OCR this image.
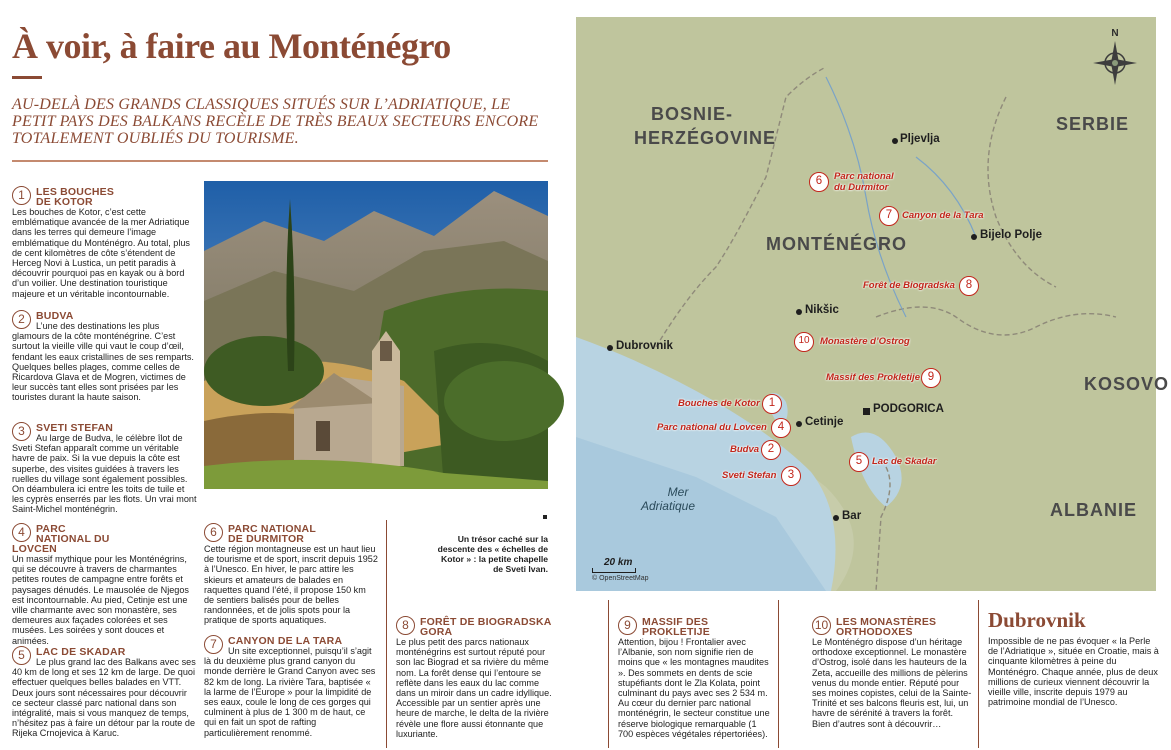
À voir, à faire au Monténégro

AU-DELÀ DES GRANDS CLASSIQUES SITUÉS SUR L’ADRIATIQUE, LE PETIT PAYS DES BALKANS RECÈLE DE TRÈS BEAUX SECTEURS ENCORE TOTALEMENT OUBLIÉS DU TOURISME.

1	LES BOUCHES DE KOTOR
Les bouches de Kotor, c’est cette emblématique avancée de la mer Adriatique dans les terres qui demeure l’image emblématique du Monténégro. Au total, plus de cent kilomètres de côte s’étendent de Herceg Novi à Lustica, un petit paradis à découvrir pourquoi pas en kayak ou à bord d’un voilier. Une destination touristique majeure et un véritable incontournable.
2	BUDVA
L’une des destinations les plus glamours de la côte monténégrine. C’est surtout la vieille ville qui vaut le coup d’œil, fendant les eaux cristallines de ses remparts. Quelques belles plages, comme celles de Ricardova Glava et de Mogren, victimes de leur succès tant elles sont prisées par les touristes durant la haute saison.
3	SVETI STEFAN
Au large de Budva, le célèbre îlot de Sveti Stefan apparaît comme un véritable havre de paix. Si la vue depuis la côte est superbe, des visites guidées à travers les ruelles du village sont également possibles. On déambulera ici entre les toits de tuile et les cyprès enserrés par les flots. Un vrai mont Saint-Michel monténégrin.
4	PARC NATIONAL DU LOVCEN
Un massif mythique pour les Monténégrins, qui se découvre à travers de charmantes petites routes de campagne entre forêts et paysages dénudés. Le mausolée de Njegos est incontournable. Au pied, Cetinje est une ville charmante avec son monastère, ses demeures aux façades colorées et ses musées. Les soirées y sont douces et animées.
5	LAC DE SKADAR
Le plus grand lac des Balkans avec ses 40 km de long et ses 12 km de large. De quoi effectuer quelques belles balades en VTT. Deux jours sont nécessaires pour découvrir ce secteur classé parc national dans son intégralité, mais si vous manquez de temps, n’hésitez pas à faire un détour par la route de Rijeka Crnojevica à Karuc.

Un trésor caché sur la descente des « échelles de Kotor » : la petite chapelle de Sveti Ivan.

6	PARC NATIONAL DE DURMITOR
Cette région montagneuse est un haut lieu de tourisme et de sport, inscrit depuis 1952 à l’Unesco. En hiver, le parc attire les skieurs et amateurs de balades en raquettes quand l’été, il propose 150 km de sentiers balisés pour de belles randonnées, et de jolis spots pour la pratique de sports aquatiques.
7	CANYON DE LA TARA
Un site exceptionnel, puisqu’il s’agit là du deuxième plus grand canyon du monde derrière le Grand Canyon avec ses 82 km de long. La rivière Tara, baptisée « la larme de l’Europe » pour la limpidité de ses eaux, coule le long de ces gorges qui culminent à plus de 1 300 m de haut, ce qui en fait un spot de rafting particulièrement renommé.
8	FORÊT DE BIOGRADSKA GORA
Le plus petit des parcs nationaux monténégrins est surtout réputé pour son lac Biograd et sa rivière du même nom. La forêt dense qui l’entoure se reflète dans les eaux du lac comme dans un miroir dans un cadre idyllique. Accessible par un sentier après une heure de marche, le delta de la rivière révèle une flore aussi étonnante que luxuriante.
9	MASSIF DES PROKLETIJE
Attention, bijou ! Frontalier avec l’Albanie, son nom signifie rien de moins que « les montagnes maudites ». Des sommets en dents de scie stupéfiants dont le Zla Kolata, point culminant du pays avec ses 2 534 m. Au cœur du dernier parc national monténégrin, le secteur constitue une réserve biologique remarquable (1 700 espèces végétales répertoriées).
10 LES MONASTÈRES ORTHODOXES
Le Monténégro dispose d’un héritage orthodoxe exceptionnel. Le monastère d’Ostrog, isolé dans les hauteurs de la Zeta, accueille des millions de pèlerins venus du monde entier. Réputé pour ses moines copistes, celui de la Sainte-Trinité et ses balcons fleuris est, lui, un havre de sérénité à travers la forêt. Bien d’autres sont à découvrir…
Dubrovnik

Impossible de ne pas évoquer « la Perle de l’Adriatique », située en Croatie, mais à cinquante kilomètres à peine du Monténégro. Chaque année, plus de deux millions de curieux viennent découvrir la vieille ville, inscrite depuis 1979 au patrimoine mondial de l’Unesco.

BOSNIE-
HERZÉGOVINE
SERBIE
MONTÉNÉGRO
KOSOVO
ALBANIE
Pljevlja
Bijelo Polje
Nikšic
Dubrovnik
Cetinje
PODGORICA
Bar
Mer
Adriatique
1
Bouches de Kotor
2
Budva
3
Sveti Stefan
4
Parc national du Lovcen
5	Lac de Skadar
6	Parc national du Durmitor
7	Canyon de la Tara
8
Forêt de Biogradska
9
Massif des Prokletije
10	Monastère d’Ostrog
N
20 km
© OpenStreetMap
